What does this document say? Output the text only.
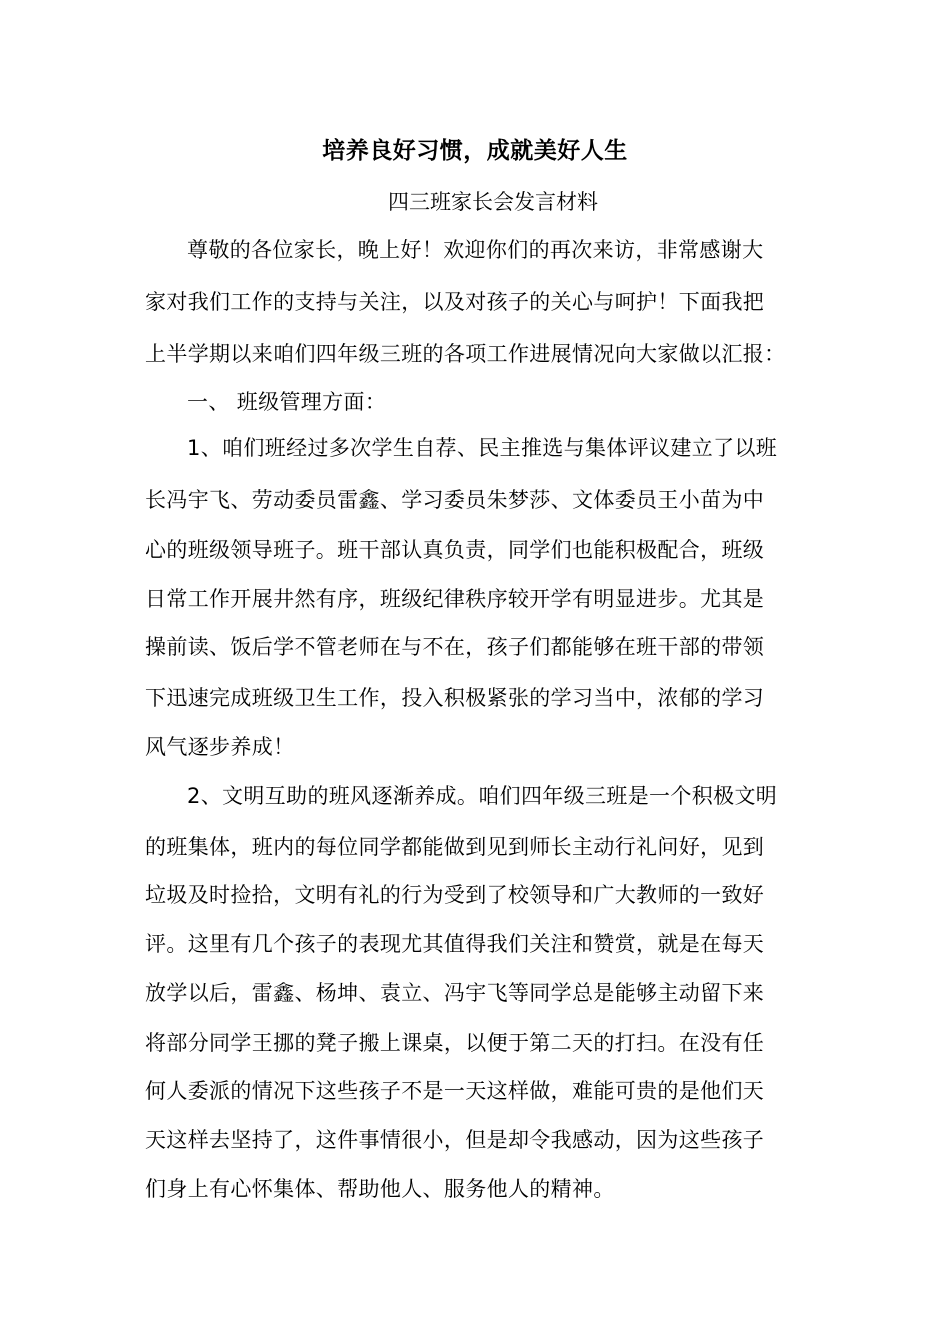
培养良好习惯，成就美好人生
四三班家长会发言材料
尊敬的各位家长，晚上好！欢迎你们的再次来访，非常感谢大
家对我们工作的支持与关注，以及对孩子的关心与呵护！下面我把
上半学期以来咱们四年级三班的各项工作进展情况向大家做以汇报：
一、 班级管理方面：
1、咱们班经过多次学生自荐、民主推选与集体评议建立了以班
长冯宇飞、劳动委员雷鑫、学习委员朱梦莎、文体委员王小苗为中
心的班级领导班子。班干部认真负责，同学们也能积极配合，班级
日常工作开展井然有序，班级纪律秩序较开学有明显进步。尤其是
操前读、饭后学不管老师在与不在，孩子们都能够在班干部的带领
下迅速完成班级卫生工作，投入积极紧张的学习当中，浓郁的学习
风气逐步养成！
2、文明互助的班风逐渐养成。咱们四年级三班是一个积极文明
的班集体，班内的每位同学都能做到见到师长主动行礼问好，见到
垃圾及时捡拾，文明有礼的行为受到了校领导和广大教师的一致好
评。这里有几个孩子的表现尤其值得我们关注和赞赏，就是在每天
放学以后，雷鑫、杨坤、袁立、冯宇飞等同学总是能够主动留下来
将部分同学王挪的凳子搬上课桌，以便于第二天的打扫。在没有任
何人委派的情况下这些孩子不是一天这样做，难能可贵的是他们天
天这样去坚持了，这件事情很小，但是却令我感动，因为这些孩子
们身上有心怀集体、帮助他人、服务他人的精神。
